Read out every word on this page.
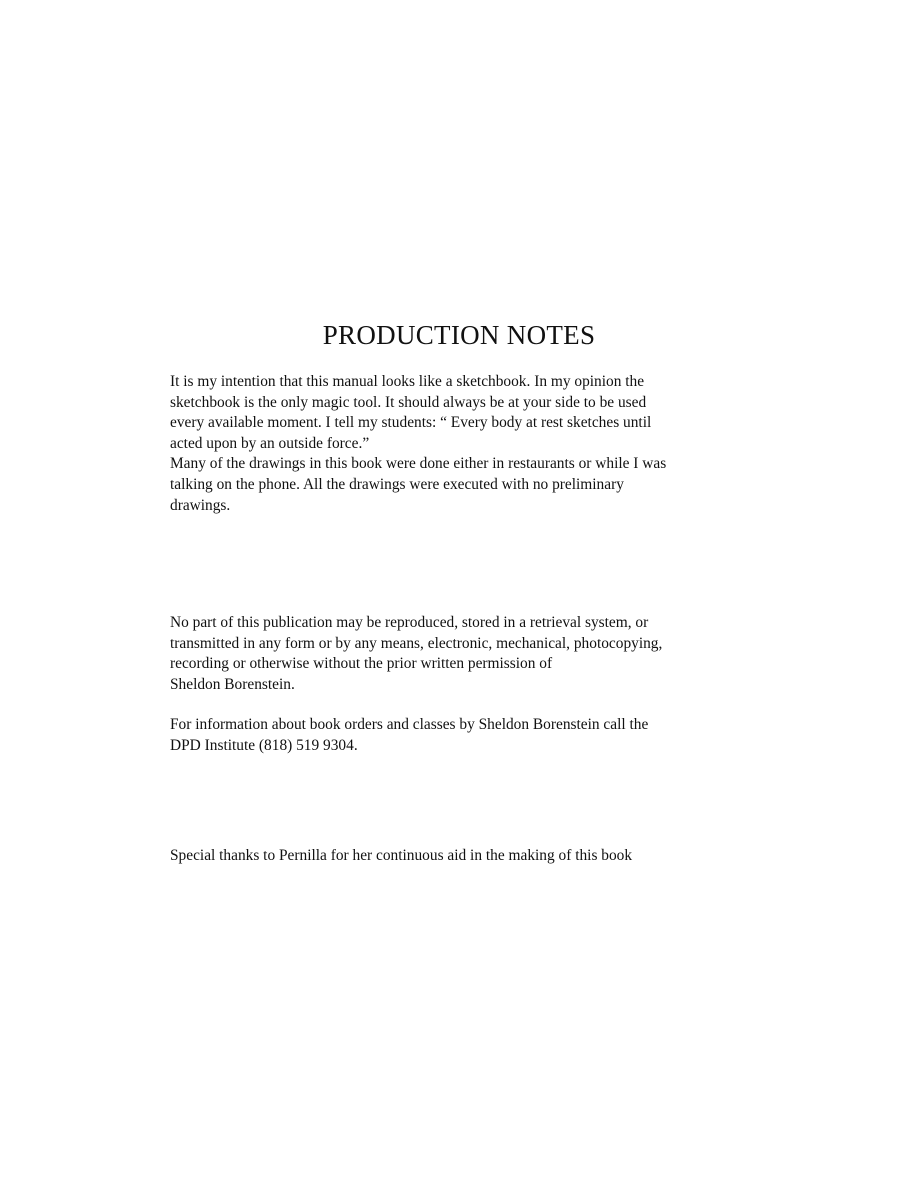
PRODUCTION NOTES
It is my intention that this manual looks like a sketchbook. In my opinion the
sketchbook is the only magic tool. It should always be at your side to be used
every available moment. I tell my students: “ Every body at rest sketches until
acted upon by an outside force.”
Many of the drawings in this book were done either in restaurants or while I was
talking on the phone. All the drawings were executed with no preliminary
drawings.
No part of this publication may be reproduced, stored in a retrieval system, or
transmitted in any form or by any means, electronic, mechanical, photocopying,
recording or otherwise without the prior written permission of
Sheldon Borenstein.
For information about book orders and classes by Sheldon Borenstein call the
DPD Institute (818) 519 9304.
Special thanks to Pernilla for her continuous aid in the making of this book
